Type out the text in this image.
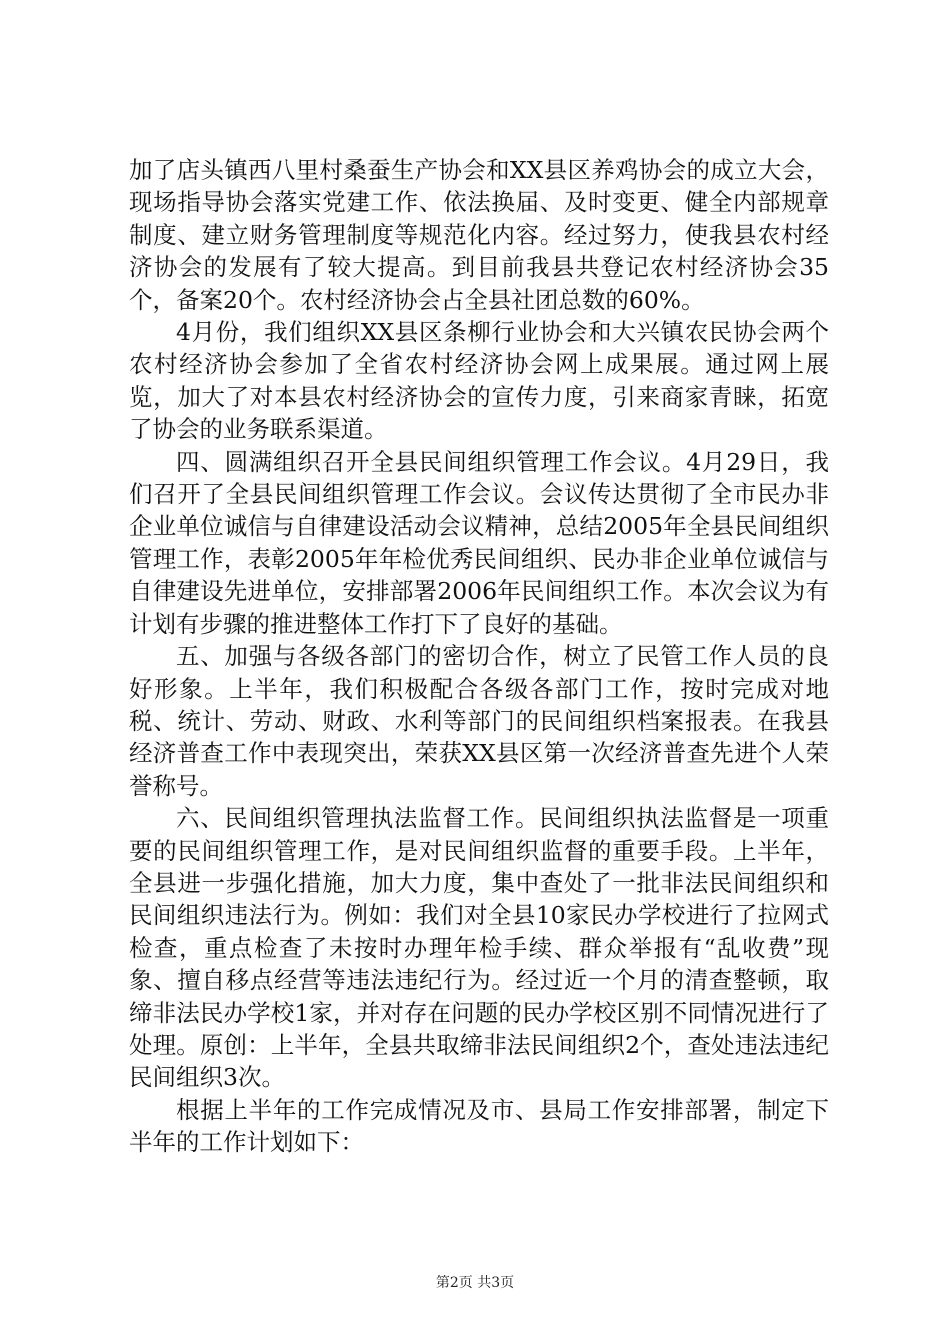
加了店头镇西八里村桑蚕生产协会和XX县区养鸡协会的成立大会，现场指导协会落实党建工作、依法换届、及时变更、健全内部规章制度、建立财务管理制度等规范化内容。经过努力，使我县农村经济协会的发展有了较大提高。到目前我县共登记农村经济协会35个，备案20个。农村经济协会占全县社团总数的60%。

4月份，我们组织XX县区条柳行业协会和大兴镇农民协会两个农村经济协会参加了全省农村经济协会网上成果展。通过网上展览，加大了对本县农村经济协会的宣传力度，引来商家青睐，拓宽了协会的业务联系渠道。

四、圆满组织召开全县民间组织管理工作会议。4月29日，我们召开了全县民间组织管理工作会议。会议传达贯彻了全市民办非企业单位诚信与自律建设活动会议精神，总结2005年全县民间组织管理工作，表彰2005年年检优秀民间组织、民办非企业单位诚信与自律建设先进单位，安排部署2006年民间组织工作。本次会议为有计划有步骤的推进整体工作打下了良好的基础。

五、加强与各级各部门的密切合作，树立了民管工作人员的良好形象。上半年，我们积极配合各级各部门工作，按时完成对地税、统计、劳动、财政、水利等部门的民间组织档案报表。在我县经济普查工作中表现突出，荣获XX县区第一次经济普查先进个人荣誉称号。

六、民间组织管理执法监督工作。民间组织执法监督是一项重要的民间组织管理工作，是对民间组织监督的重要手段。上半年，全县进一步强化措施，加大力度，集中查处了一批非法民间组织和民间组织违法行为。例如：我们对全县10家民办学校进行了拉网式检查，重点检查了未按时办理年检手续、群众举报有“乱收费”现象、擅自移点经营等违法违纪行为。经过近一个月的清查整顿，取缔非法民办学校1家，并对存在问题的民办学校区别不同情况进行了处理。原创：上半年，全县共取缔非法民间组织2个，查处违法违纪民间组织3次。

根据上半年的工作完成情况及市、县局工作安排部署，制定下半年的工作计划如下：

第2页 共3页
